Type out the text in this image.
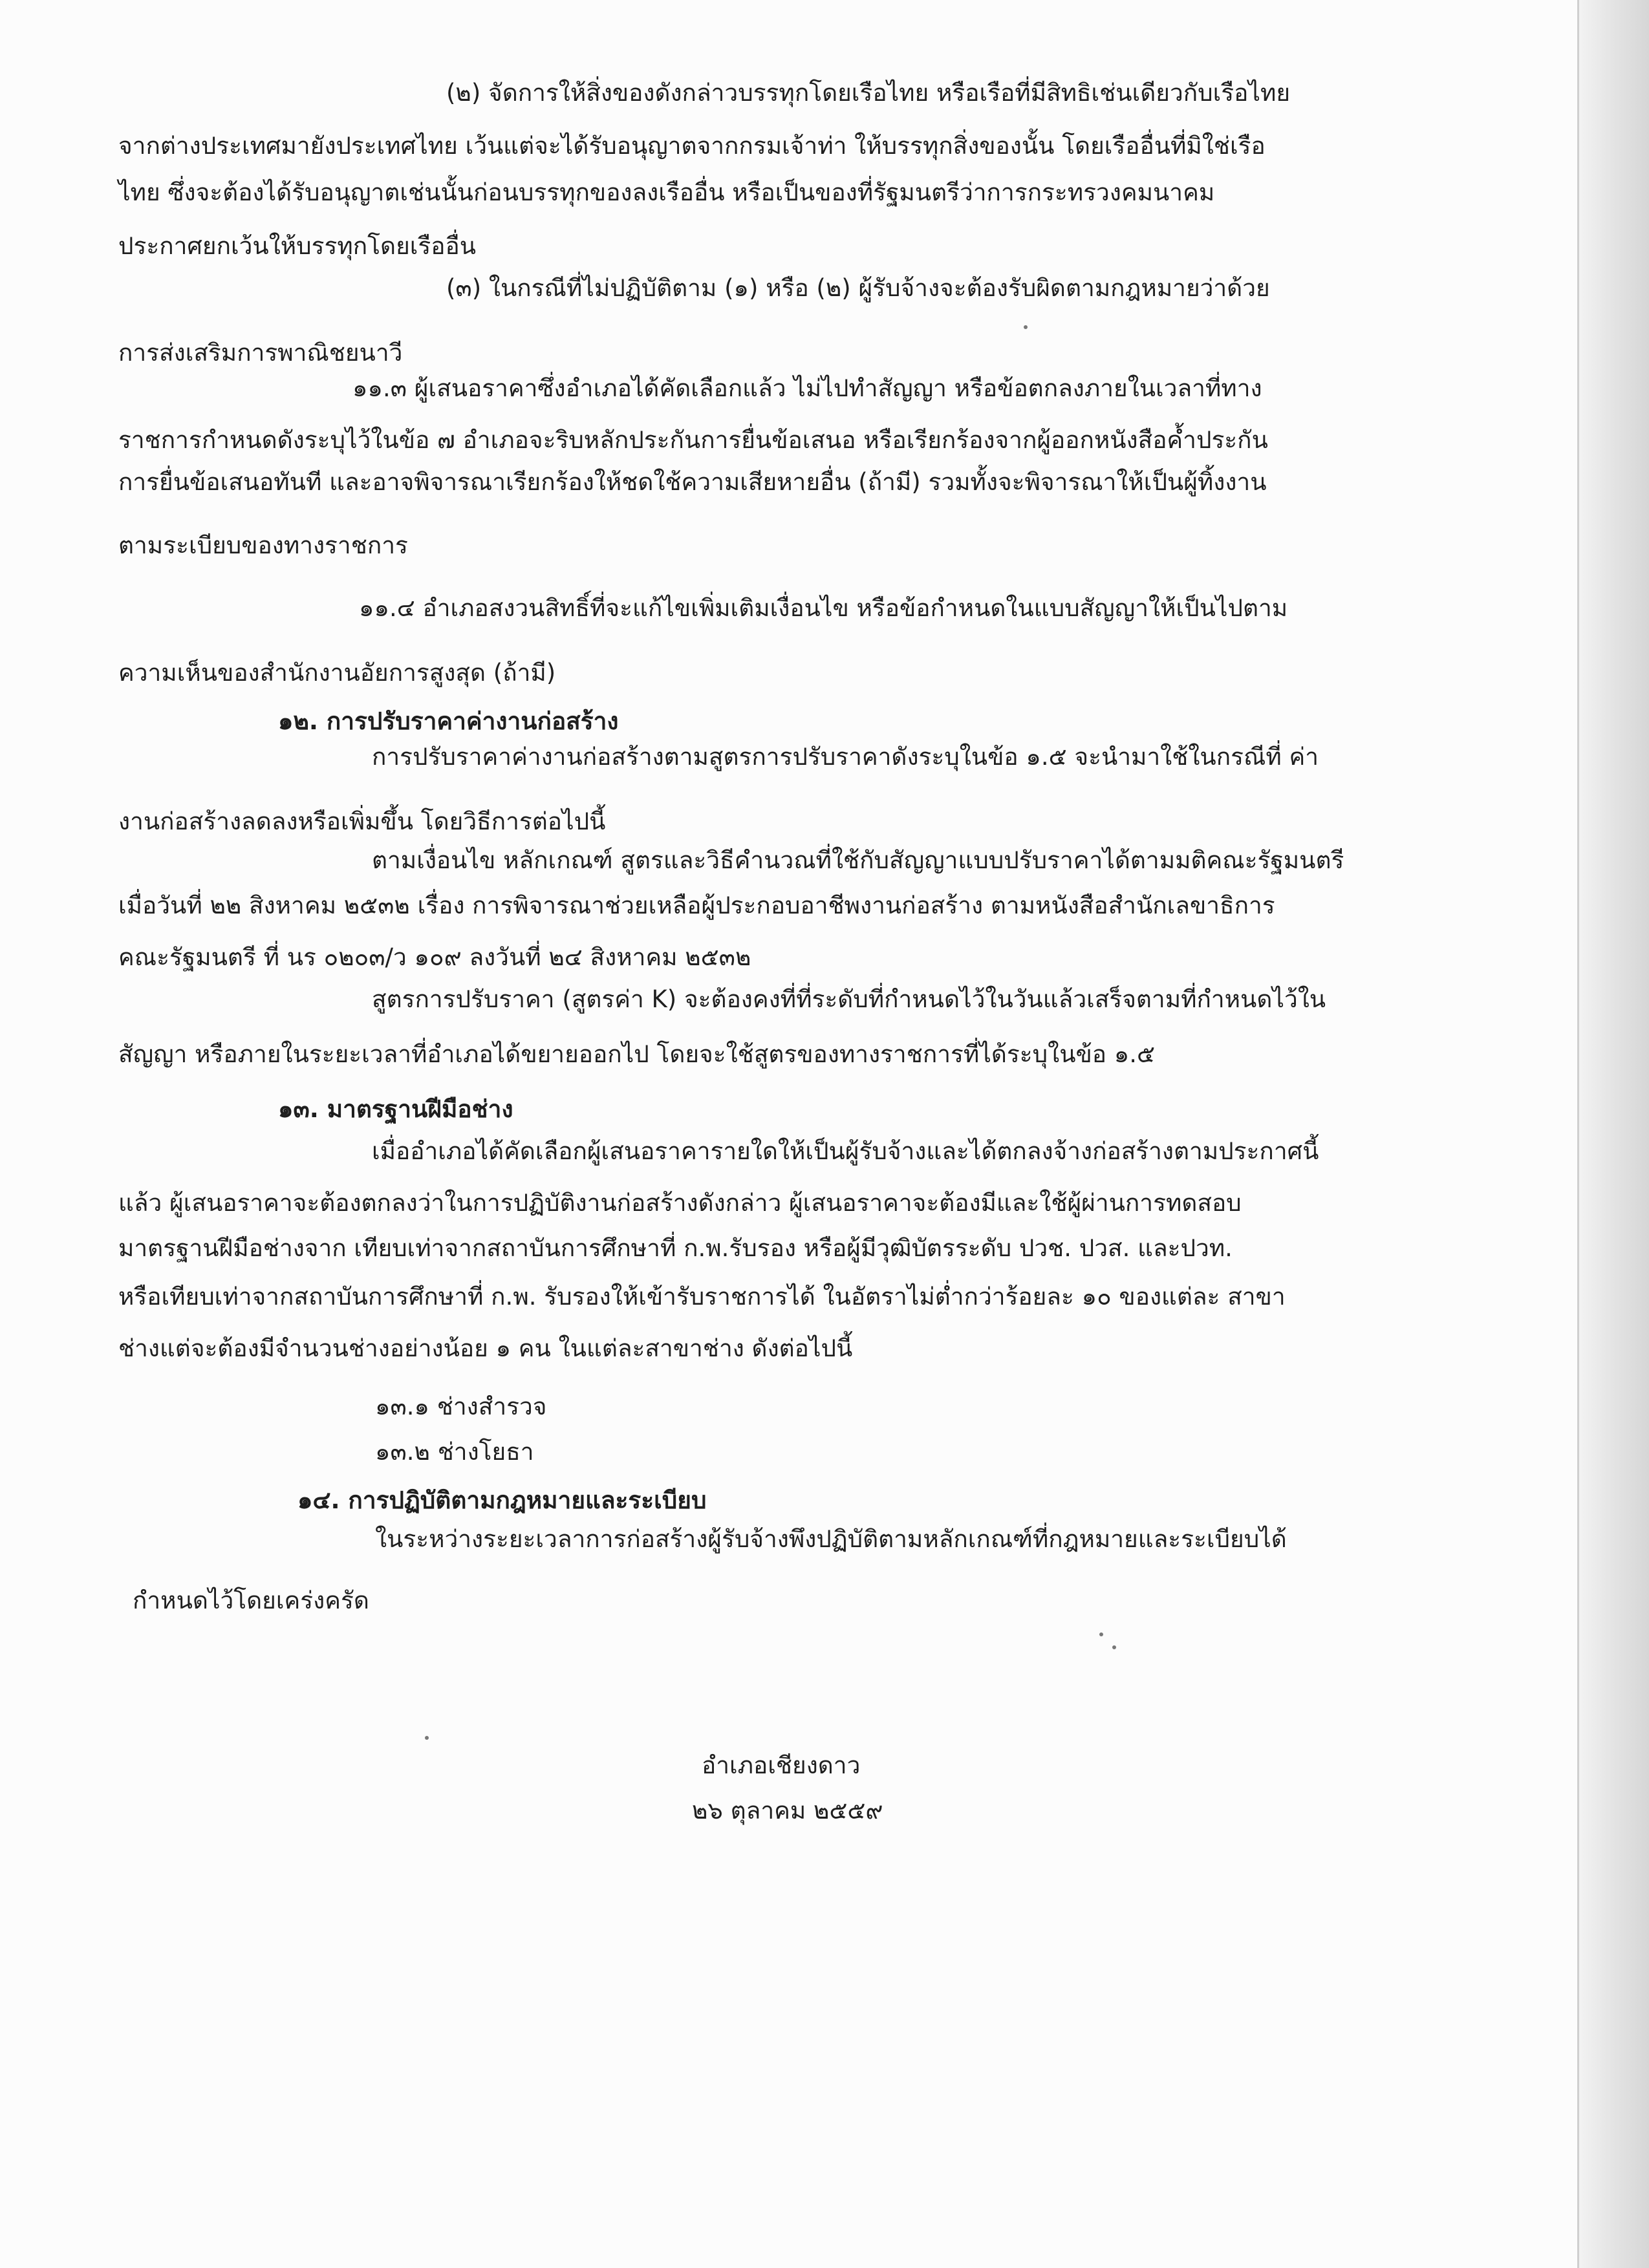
(๒) จัดการให้สิ่งของดังกล่าวบรรทุกโดยเรือไทย หรือเรือที่มีสิทธิเช่นเดียวกับเรือไทย
จากต่างประเทศมายังประเทศไทย เว้นแต่จะได้รับอนุญาตจากกรมเจ้าท่า ให้บรรทุกสิ่งของนั้น โดยเรืออื่นที่มิใช่เรือ
ไทย ซึ่งจะต้องได้รับอนุญาตเช่นนั้นก่อนบรรทุกของลงเรืออื่น หรือเป็นของที่รัฐมนตรีว่าการกระทรวงคมนาคม
ประกาศยกเว้นให้บรรทุกโดยเรืออื่น
(๓) ในกรณีที่ไม่ปฏิบัติตาม (๑) หรือ (๒) ผู้รับจ้างจะต้องรับผิดตามกฎหมายว่าด้วย
การส่งเสริมการพาณิชยนาวี
๑๑.๓ ผู้เสนอราคาซึ่งอำเภอได้คัดเลือกแล้ว ไม่ไปทำสัญญา หรือข้อตกลงภายในเวลาที่ทาง
ราชการกำหนดดังระบุไว้ในข้อ ๗ อำเภอจะริบหลักประกันการยื่นข้อเสนอ หรือเรียกร้องจากผู้ออกหนังสือค้ำประกัน
การยื่นข้อเสนอทันที และอาจพิจารณาเรียกร้องให้ชดใช้ความเสียหายอื่น (ถ้ามี) รวมทั้งจะพิจารณาให้เป็นผู้ทิ้งงาน
ตามระเบียบของทางราชการ
๑๑.๔ อำเภอสงวนสิทธิ์ที่จะแก้ไขเพิ่มเติมเงื่อนไข หรือข้อกำหนดในแบบสัญญาให้เป็นไปตาม
ความเห็นของสำนักงานอัยการสูงสุด (ถ้ามี)
๑๒. การปรับราคาค่างานก่อสร้าง
การปรับราคาค่างานก่อสร้างตามสูตรการปรับราคาดังระบุในข้อ ๑.๕ จะนำมาใช้ในกรณีที่ ค่า
งานก่อสร้างลดลงหรือเพิ่มขึ้น โดยวิธีการต่อไปนี้
ตามเงื่อนไข หลักเกณฑ์ สูตรและวิธีคำนวณที่ใช้กับสัญญาแบบปรับราคาได้ตามมติคณะรัฐมนตรี
เมื่อวันที่ ๒๒ สิงหาคม ๒๕๓๒ เรื่อง การพิจารณาช่วยเหลือผู้ประกอบอาชีพงานก่อสร้าง ตามหนังสือสำนักเลขาธิการ
คณะรัฐมนตรี ที่ นร ๐๒๐๓/ว ๑๐๙ ลงวันที่ ๒๔ สิงหาคม ๒๕๓๒
สูตรการปรับราคา (สูตรค่า K) จะต้องคงที่ที่ระดับที่กำหนดไว้ในวันแล้วเสร็จตามที่กำหนดไว้ใน
สัญญา หรือภายในระยะเวลาที่อำเภอได้ขยายออกไป โดยจะใช้สูตรของทางราชการที่ได้ระบุในข้อ ๑.๕
๑๓. มาตรฐานฝีมือช่าง
เมื่ออำเภอได้คัดเลือกผู้เสนอราคารายใดให้เป็นผู้รับจ้างและได้ตกลงจ้างก่อสร้างตามประกาศนี้
แล้ว ผู้เสนอราคาจะต้องตกลงว่าในการปฏิบัติงานก่อสร้างดังกล่าว ผู้เสนอราคาจะต้องมีและใช้ผู้ผ่านการทดสอบ
มาตรฐานฝีมือช่างจาก เทียบเท่าจากสถาบันการศึกษาที่ ก.พ.รับรอง หรือผู้มีวุฒิบัตรระดับ ปวช. ปวส. และปวท.
หรือเทียบเท่าจากสถาบันการศึกษาที่ ก.พ. รับรองให้เข้ารับราชการได้ ในอัตราไม่ต่ำกว่าร้อยละ ๑๐ ของแต่ละ สาขา
ช่างแต่จะต้องมีจำนวนช่างอย่างน้อย ๑ คน ในแต่ละสาขาช่าง ดังต่อไปนี้
๑๓.๑ ช่างสำรวจ
๑๓.๒ ช่างโยธา
๑๔. การปฏิบัติตามกฎหมายและระเบียบ
ในระหว่างระยะเวลาการก่อสร้างผู้รับจ้างพึงปฏิบัติตามหลักเกณฑ์ที่กฎหมายและระเบียบได้
กำหนดไว้โดยเคร่งครัด
อำเภอเชียงดาว
๒๖ ตุลาคม ๒๕๕๙
